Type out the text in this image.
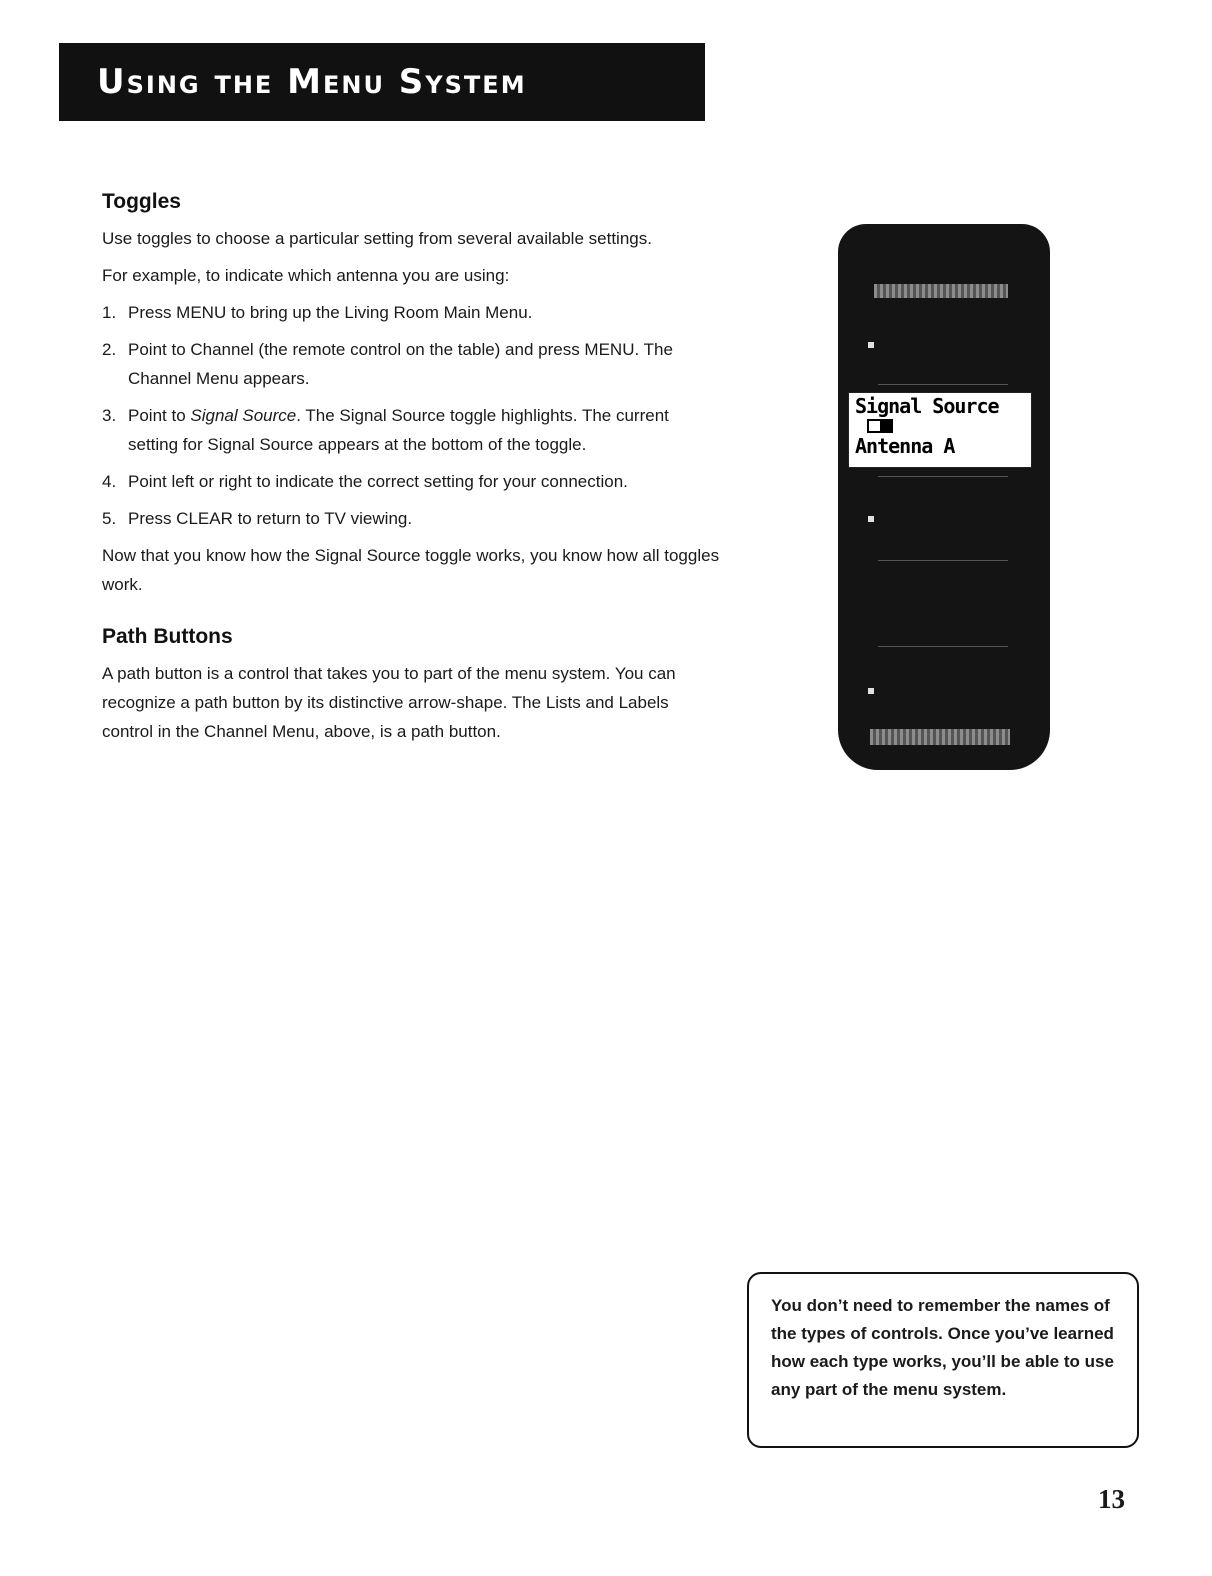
Using the Menu System
Toggles

Use toggles to choose a particular setting from several available settings.

For example, to indicate which antenna you are using:

1. Press MENU to bring up the Living Room Main Menu.
2. Point to Channel (the remote control on the table) and press MENU. The Channel Menu appears.
3. Point to Signal Source. The Signal Source toggle highlights. The current setting for Signal Source appears at the bottom of the toggle.
4. Point left or right to indicate the correct setting for your connection.
5. Press CLEAR to return to TV viewing.

Now that you know how the Signal Source toggle works, you know how all toggles work.

Path Buttons

A path button is a control that takes you to part of the menu system. You can recognize a path button by its distinctive arrow-shape. The Lists and Labels control in the Channel Menu, above, is a path button.

Signal Source
Antenna A

You don’t need to remember the names of the types of controls. Once you’ve learned how each type works, you’ll be able to use any part of the menu system.

13
